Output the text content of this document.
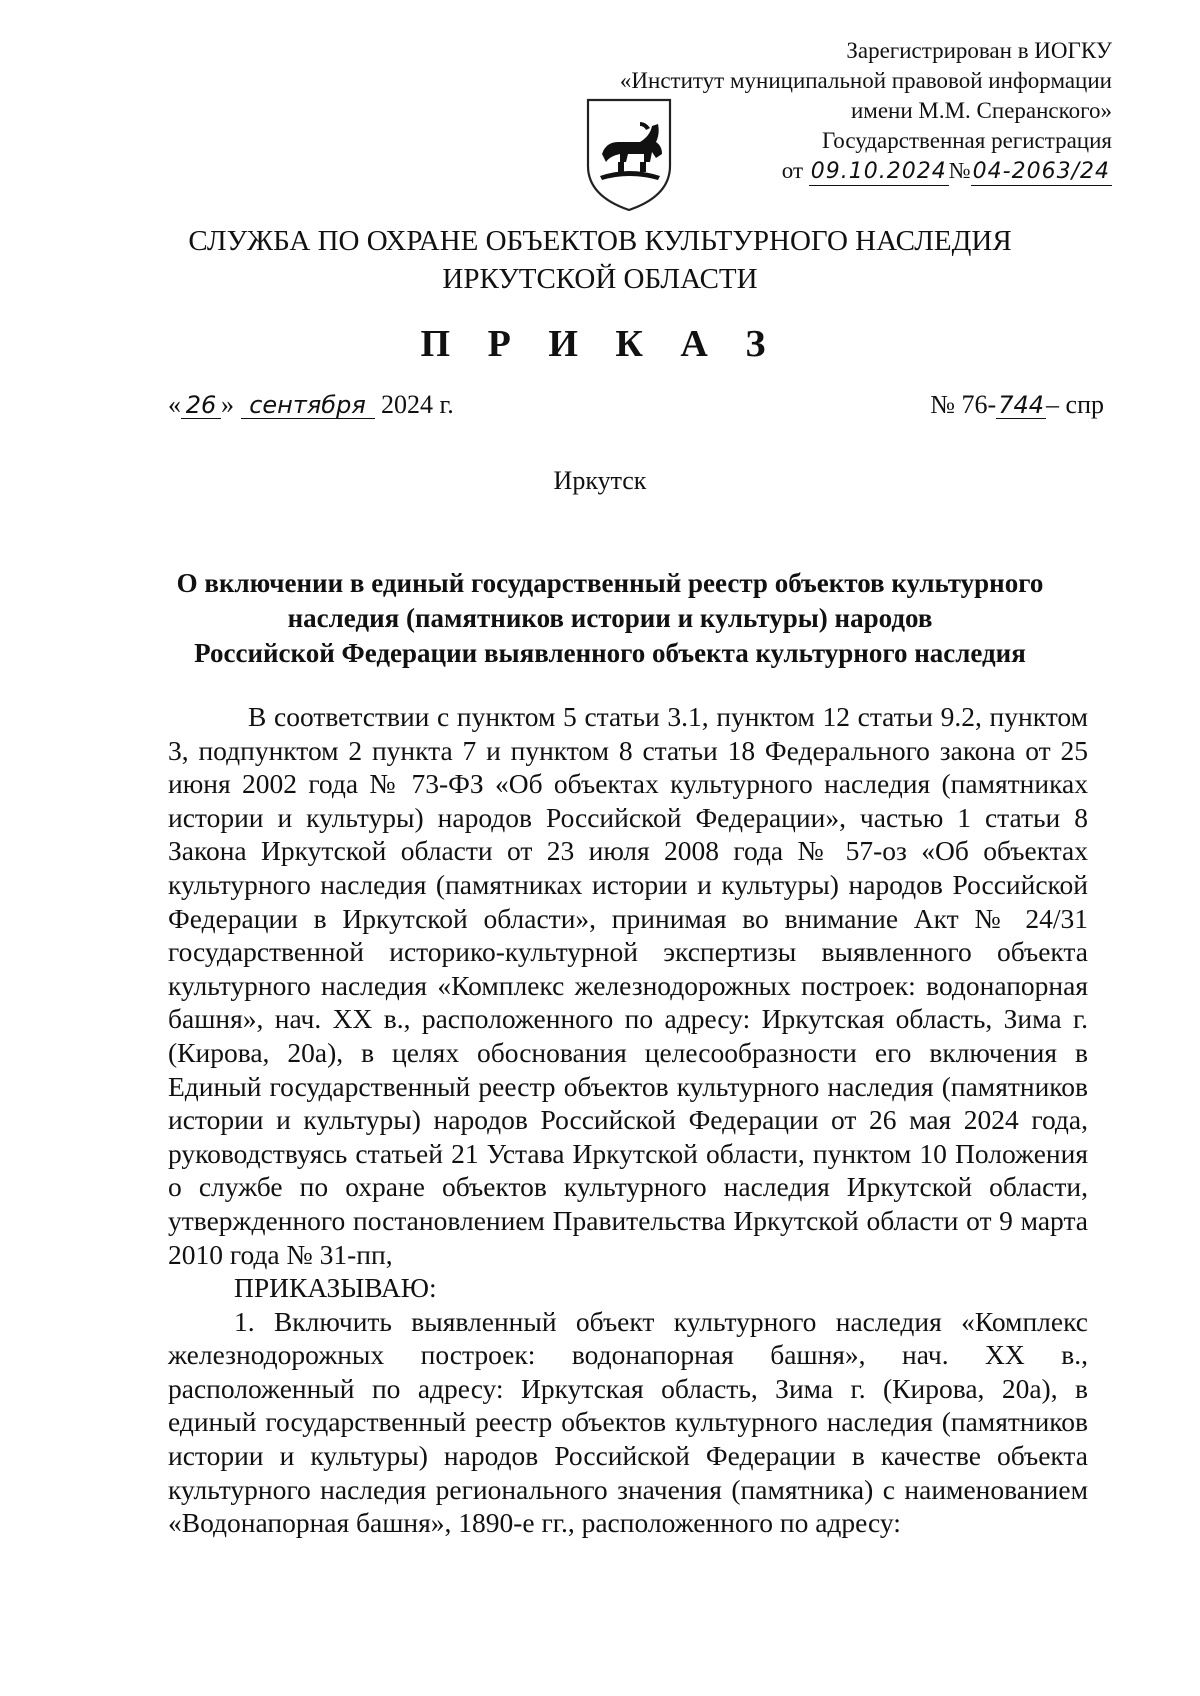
Зарегистрирован в ИОГКУ
«Институт муниципальной правовой информации
имени М.М. Сперанского»
Государственная регистрация
от 09.10.2024№04-2063/24
СЛУЖБА ПО ОХРАНЕ ОБЪЕКТОВ КУЛЬТУРНОГО НАСЛЕДИЯ
ИРКУТСКОЙ ОБЛАСТИ
П Р И К А З
« 26 » сентября 2024 г.	№ 76-744– спр
Иркутск
О включении в единый государственный реестр объектов культурного
наследия (памятников истории и культуры) народов
Российской Федерации выявленного объекта культурного наследия

В соответствии с пунктом 5 статьи 3.1, пунктом 12 статьи 9.2, пунктом 3, подпунктом 2 пункта 7 и пунктом 8 статьи 18 Федерального закона от 25 июня 2002 года № 73-ФЗ «Об объектах культурного наследия (памятниках истории и культуры) народов Российской Федерации», частью 1 статьи 8 Закона Иркутской области от 23 июля 2008 года № 57-оз «Об объектах культурного наследия (памятниках истории и культуры) народов Российской Федерации в Иркутской области», принимая во внимание Акт № 24/31 государственной историко-культурной экспертизы выявленного объекта культурного наследия «Комплекс железнодорожных построек: водонапорная башня», нач. XX в., расположенного по адресу: Иркутская область, Зима г. (Кирова, 20а), в целях обоснования целесообразности его включения в Единый государственный реестр объектов культурного наследия (памятников истории и культуры) народов Российской Федерации от 26 мая 2024 года, руководствуясь статьей 21 Устава Иркутской области, пунктом 10 Положения о службе по охране объектов культурного наследия Иркутской области, утвержденного постановлением Правительства Иркутской области от 9 марта 2010 года № 31-пп,

ПРИКАЗЫВАЮ:

1. Включить выявленный объект культурного наследия «Комплекс железнодорожных построек: водонапорная башня», нач. XX в., расположенный по адресу: Иркутская область, Зима г. (Кирова, 20а), в единый государственный реестр объектов культурного наследия (памятников истории и культуры) народов Российской Федерации в качестве объекта культурного наследия регионального значения (памятника) с наименованием «Водонапорная башня», 1890-е гг., расположенного по адресу:
